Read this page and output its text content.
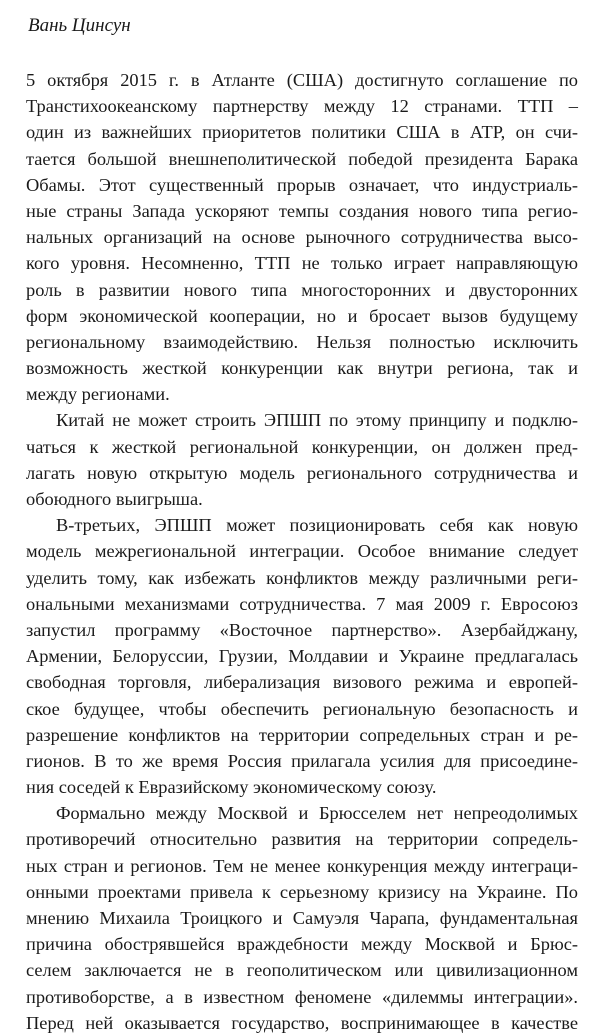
Вань Цинсун
5 октября 2015 г. в Атланте (США) достигнуто соглашение по
Транстихоокеанскому партнерству между 12 странами. ТТП –
один из важнейших приоритетов политики США в АТР, он счи-
тается большой внешнеполитической победой президента Барака
Обамы. Этот существенный прорыв означает, что индустриаль-
ные страны Запада ускоряют темпы создания нового типа регио-
нальных организаций на основе рыночного сотрудничества высо-
кого уровня. Несомненно, ТТП не только играет направляющую
роль в развитии нового типа многосторонних и двусторонних
форм экономической кооперации, но и бросает вызов будущему
региональному взаимодействию. Нельзя полностью исключить
возможность жесткой конкуренции как внутри региона, так и
между регионами.
Китай не может строить ЭПШП по этому принципу и подклю-
чаться к жесткой региональной конкуренции, он должен пред-
лагать новую открытую модель регионального сотрудничества и
обоюдного выигрыша.
В-третьих, ЭПШП может позиционировать себя как новую
модель межрегиональной интеграции. Особое внимание следует
уделить тому, как избежать конфликтов между различными реги-
ональными механизмами сотрудничества. 7 мая 2009 г. Евросоюз
запустил программу «Восточное партнерство». Азербайджану,
Армении, Белоруссии, Грузии, Молдавии и Украине предлагалась
свободная торговля, либерализация визового режима и европей-
ское будущее, чтобы обеспечить региональную безопасность и
разрешение конфликтов на территории сопредельных стран и ре-
гионов. В то же время Россия прилагала усилия для присоедине-
ния соседей к Евразийскому экономическому союзу.
Формально между Москвой и Брюсселем нет непреодолимых
противоречий относительно развития на территории сопредель-
ных стран и регионов. Тем не менее конкуренция между интеграци-
онными проектами привела к серьезному кризису на Украине. По
мнению Михаила Троицкого и Самуэля Чарапа, фундаментальная
причина обострявшейся враждебности между Москвой и Брюс-
селем заключается не в геополитическом или цивилизационном
противоборстве, а в известном феномене «дилеммы интеграции».
Перед ней оказывается государство, воспринимающее в качестве
